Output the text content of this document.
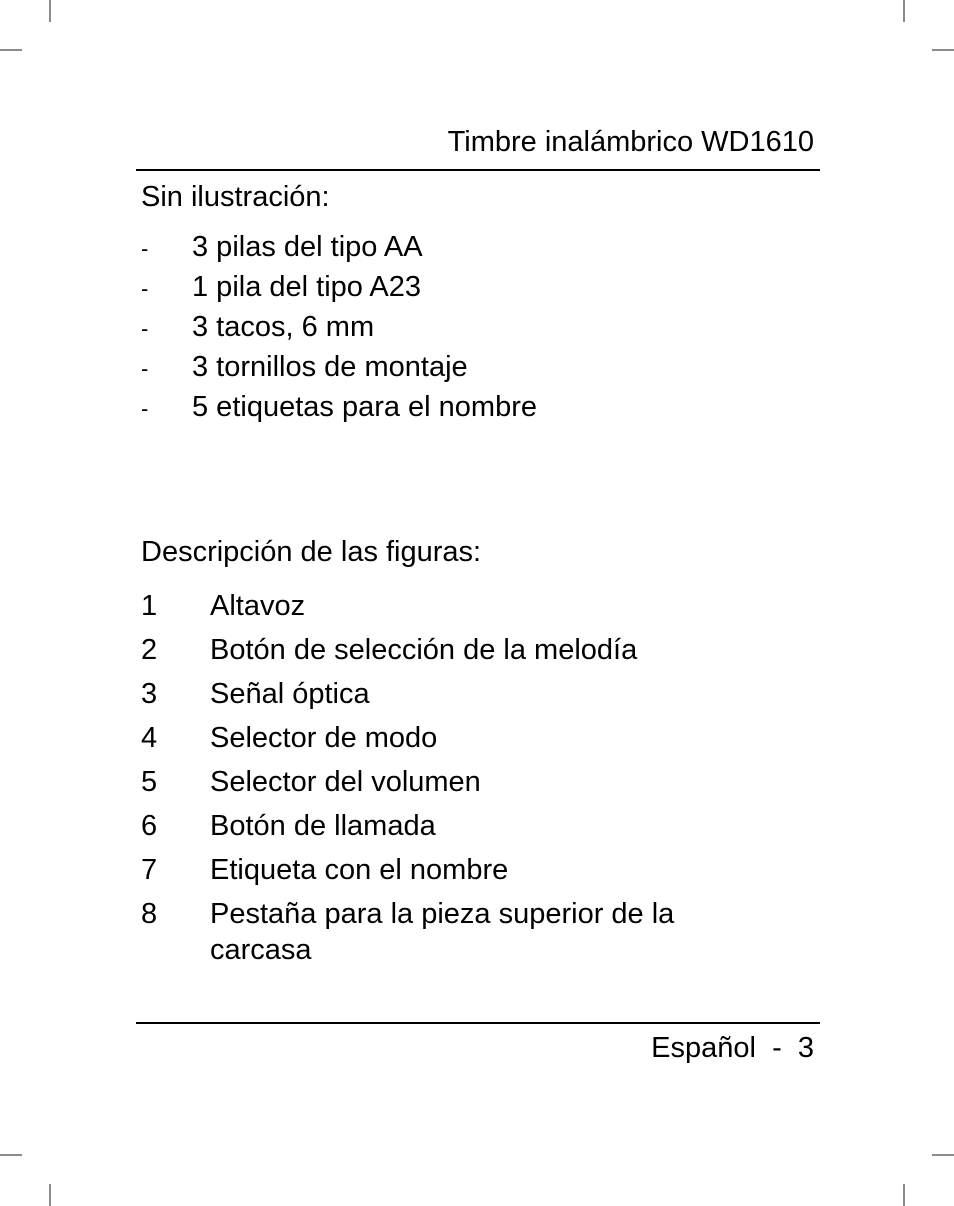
Timbre inalámbrico WD1610
Sin ilustración:
- 3 pilas del tipo AA
- 1 pila del tipo A23
- 3 tacos, 6 mm
- 3 tornillos de montaje
- 5 etiquetas para el nombre
Descripción de las figuras:
1	Altavoz
2	Botón de selección de la melodía
3	Señal óptica
4	Selector de modo
5	Selector del volumen
6	Botón de llamada
7	Etiqueta con el nombre
8	Pestaña para la pieza superior de la carcasa
Español - 3
